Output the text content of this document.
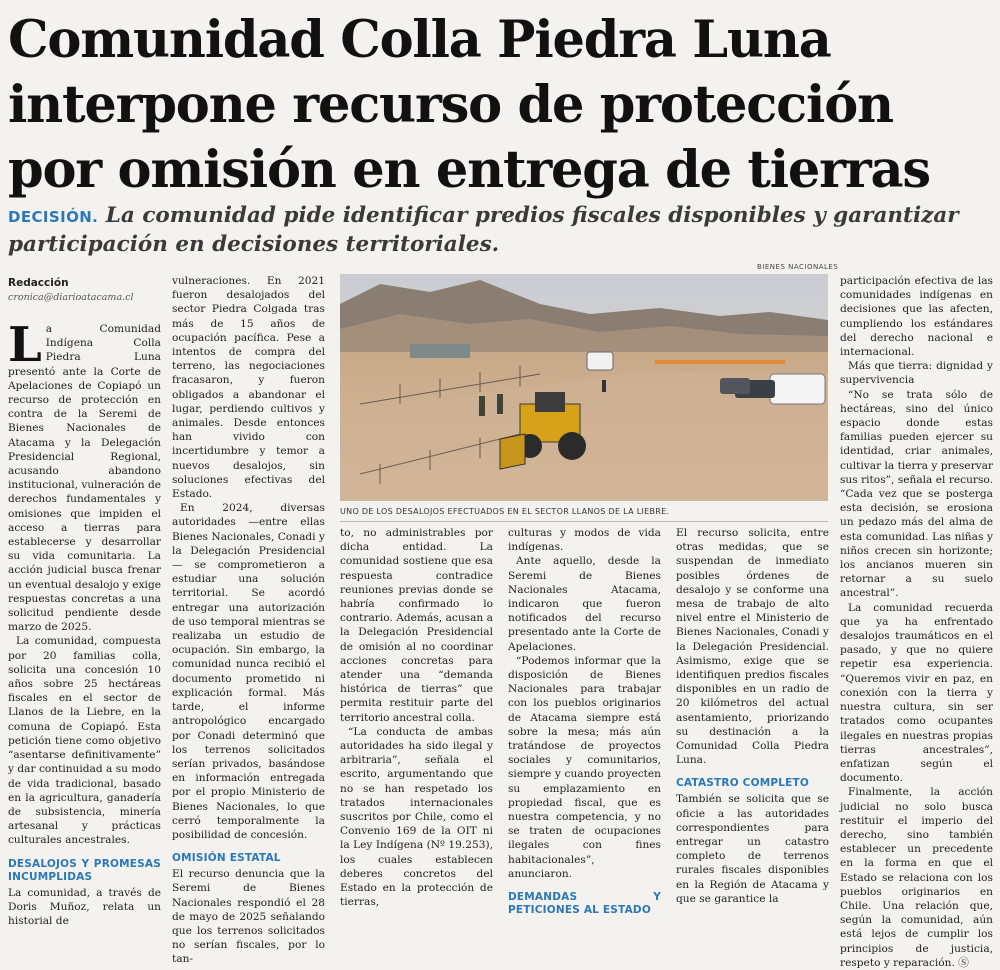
Comunidad Colla Piedra Luna interpone recurso de protección por omisión en entrega de tierras
DECISIÓN. La comunidad pide identificar predios fiscales disponibles y garantizar participación en decisiones territoriales.
Redacción
cronica@diarioatacama.cl

La Comunidad Indígena Colla Piedra Luna presentó ante la Corte de Apelaciones de Copiapó un recurso de protección en contra de la Seremi de Bienes Nacionales de Atacama y la Delegación Presidencial Regional, acusando abandono institucional, vulneración de derechos fundamentales y omisiones que impiden el acceso a tierras para establecerse y desarrollar su vida comunitaria. La acción judicial busca frenar un eventual desalojo y exige respuestas concretas a una solicitud pendiente desde marzo de 2025.

La comunidad, compuesta por 20 familias colla, solicita una concesión 10 años sobre 25 hectáreas fiscales en el sector de Llanos de la Liebre, en la comuna de Copiapó. Esta petición tiene como objetivo “asentarse definitivamente” y dar continuidad a su modo de vida tradicional, basado en la agricultura, ganadería de subsistencia, minería artesanal y prácticas culturales ancestrales.

DESALOJOS Y PROMESAS INCUMPLIDAS

La comunidad, a través de Doris Muñoz, relata un historial de

vulneraciones. En 2021 fueron desalojados del sector Piedra Colgada tras más de 15 años de ocupación pacífica. Pese a intentos de compra del terreno, las negociaciones fracasaron, y fueron obligados a abandonar el lugar, perdiendo cultivos y animales. Desde entonces han vivido con incertidumbre y temor a nuevos desalojos, sin soluciones efectivas del Estado.

En 2024, diversas autoridades —entre ellas Bienes Nacionales, Conadi y la Delegación Presidencial— se comprometieron a estudiar una solución territorial. Se acordó entregar una autorización de uso temporal mientras se realizaba un estudio de ocupación. Sin embargo, la comunidad nunca recibió el documento prometido ni explicación formal. Más tarde, el informe antropológico encargado por Conadi determinó que los terrenos solicitados serían privados, basándose en información entregada por el propio Ministerio de Bienes Nacionales, lo que cerró temporalmente la posibilidad de concesión.

OMISIÓN ESTATAL

El recurso denuncia que la Seremi de Bienes Nacionales respondió el 28 de mayo de 2025 señalando que los terrenos solicitados no serían fiscales, por lo tan-

BIENES NACIONALES
UNO DE LOS DESALOJOS EFECTUADOS EN EL SECTOR LLANOS DE LA LIEBRE.

to, no administrables por dicha entidad. La comunidad sostiene que esa respuesta contradice reuniones previas donde se habría confirmado lo contrario. Además, acusan a la Delegación Presidencial de omisión al no coordinar acciones concretas para atender una “demanda histórica de tierras” que permita restituir parte del territorio ancestral colla.

“La conducta de ambas autoridades ha sido ilegal y arbitraria”, señala el escrito, argumentando que no se han respetado los tratados internacionales suscritos por Chile, como el Convenio 169 de la OIT ni la Ley Indígena (Nº 19.253), los cuales establecen deberes concretos del Estado en la protección de tierras,

culturas y modos de vida indígenas.

Ante aquello, desde la Seremi de Bienes Nacionales Atacama, indicaron que fueron notificados del recurso presentado ante la Corte de Apelaciones.

“Podemos informar que la disposición de Bienes Nacionales para trabajar con los pueblos originarios de Atacama siempre está sobre la mesa; más aún tratándose de proyectos sociales y comunitarios, siempre y cuando proyecten su emplazamiento en propiedad fiscal, que es nuestra competencia, y no se traten de ocupaciones ilegales con fines habitacionales”, anunciaron.

DEMANDAS Y PETICIONES AL ESTADO

El recurso solicita, entre otras medidas, que se suspendan de inmediato posibles órdenes de desalojo y se conforme una mesa de trabajo de alto nivel entre el Ministerio de Bienes Nacionales, Conadi y la Delegación Presidencial. Asimismo, exige que se identifiquen predios fiscales disponibles en un radio de 20 kilómetros del actual asentamiento, priorizando su destinación a la Comunidad Colla Piedra Luna.

CATASTRO COMPLETO

También se solicita que se oficie a las autoridades correspondientes para entregar un catastro completo de terrenos rurales fiscales disponibles en la Región de Atacama y que se garantice la

participación efectiva de las comunidades indígenas en decisiones que las afecten, cumpliendo los estándares del derecho nacional e internacional.

Más que tierra: dignidad y supervivencia

“No se trata sólo de hectáreas, sino del único espacio donde estas familias pueden ejercer su identidad, criar animales, cultivar la tierra y preservar sus ritos”, señala el recurso. “Cada vez que se posterga esta decisión, se erosiona un pedazo más del alma de esta comunidad. Las niñas y niños crecen sin horizonte; los ancianos mueren sin retornar a su suelo ancestral”.

La comunidad recuerda que ya ha enfrentado desalojos traumáticos en el pasado, y que no quiere repetir esa experiencia. “Queremos vivir en paz, en conexión con la tierra y nuestra cultura, sin ser tratados como ocupantes ilegales en nuestras propias tierras ancestrales”, enfatizan según el documento.

Finalmente, la acción judicial no solo busca restituir el imperio del derecho, sino también establecer un precedente en la forma en que el Estado se relaciona con los pueblos originarios en Chile. Una relación que, según la comunidad, aún está lejos de cumplir los principios de justicia, respeto y reparación. Ⓢ
